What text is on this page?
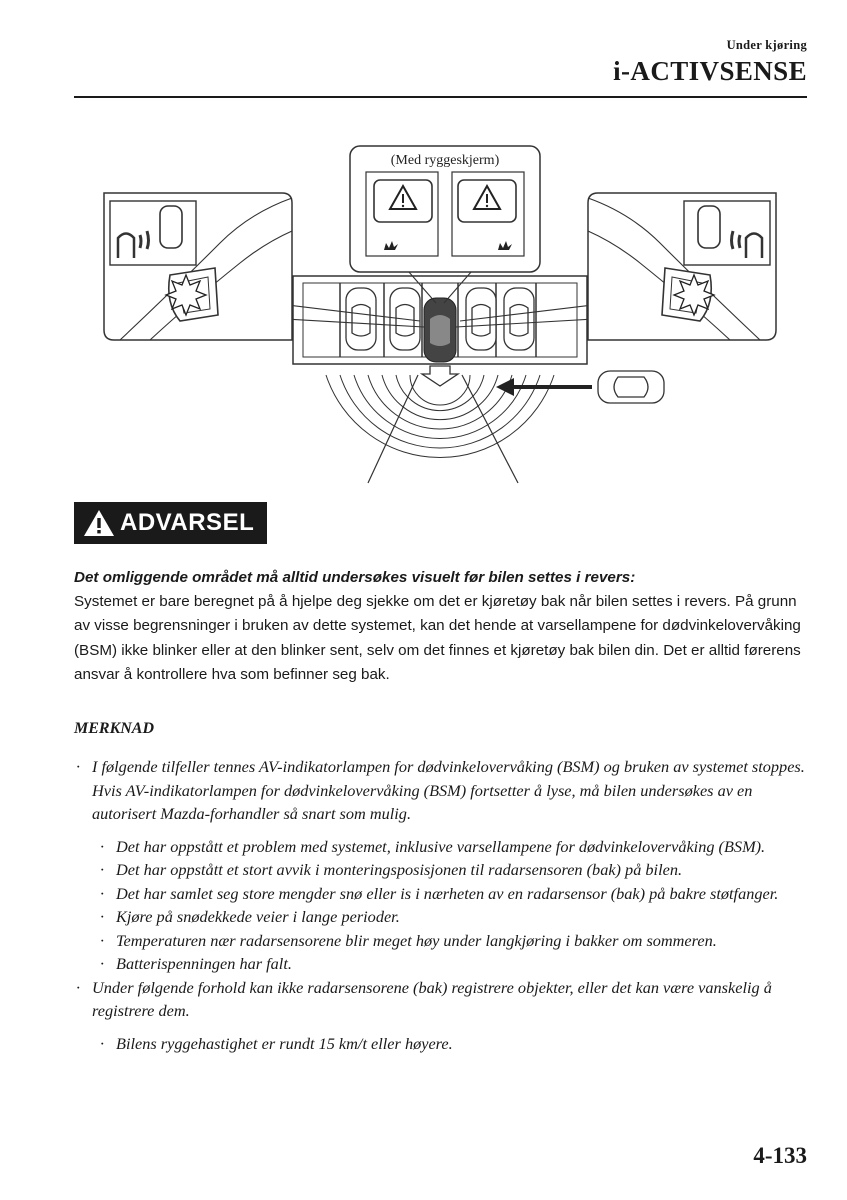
Under kjøring
i-ACTIVSENSE
(Med ryggeskjerm)
ADVARSEL
Det omliggende området må alltid undersøkes visuelt før bilen settes i revers:
Systemet er bare beregnet på å hjelpe deg sjekke om det er kjøretøy bak når bilen settes i revers. På grunn av visse begrensninger i bruken av dette systemet, kan det hende at varsellampene for dødvinkelovervåking (BSM) ikke blinker eller at den blinker sent, selv om det finnes et kjøretøy bak bilen din. Det er alltid førerens ansvar å kontrollere hva som befinner seg bak.
MERKNAD
· I følgende tilfeller tennes AV-indikatorlampen for dødvinkelovervåking (BSM) og bruken av systemet stoppes. Hvis AV-indikatorlampen for dødvinkelovervåking (BSM) fortsetter å lyse, må bilen undersøkes av en autorisert Mazda-forhandler så snart som mulig.
· Det har oppstått et problem med systemet, inklusive varsellampene for dødvinkelovervåking (BSM).
· Det har oppstått et stort avvik i monteringsposisjonen til radarsensoren (bak) på bilen.
· Det har samlet seg store mengder snø eller is i nærheten av en radarsensor (bak) på bakre støtfanger.
· Kjøre på snødekkede veier i lange perioder.
· Temperaturen nær radarsensorene blir meget høy under langkjøring i bakker om sommeren.
· Batterispenningen har falt.
· Under følgende forhold kan ikke radarsensorene (bak) registrere objekter, eller det kan være vanskelig å registrere dem.
· Bilens ryggehastighet er rundt 15 km/t eller høyere.
4-133
